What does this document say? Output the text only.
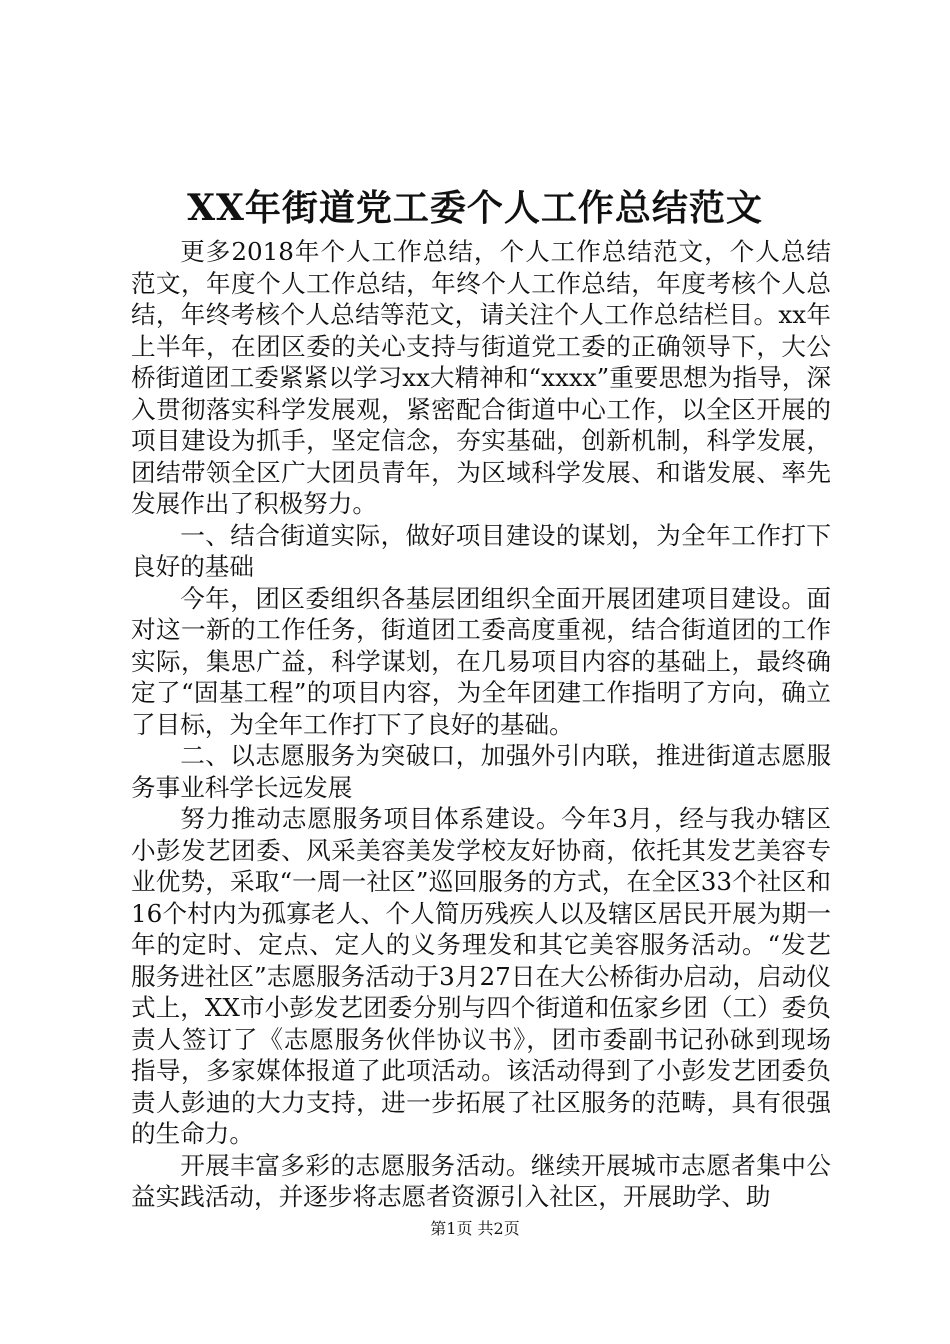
XX年街道党工委个人工作总结范文

更多2018年个人工作总结，个人工作总结范文，个人总结范文，年度个人工作总结，年终个人工作总结，年度考核个人总结，年终考核个人总结等范文，请关注个人工作总结栏目。xx年上半年，在团区委的关心支持与街道党工委的正确领导下，大公桥街道团工委紧紧以学习xx大精神和“xxxx”重要思想为指导，深入贯彻落实科学发展观，紧密配合街道中心工作，以全区开展的项目建设为抓手，坚定信念，夯实基础，创新机制，科学发展，团结带领全区广大团员青年，为区域科学发展、和谐发展、率先发展作出了积极努力。

一、结合街道实际，做好项目建设的谋划，为全年工作打下良好的基础

今年，团区委组织各基层团组织全面开展团建项目建设。面对这一新的工作任务，街道团工委高度重视，结合街道团的工作实际，集思广益，科学谋划，在几易项目内容的基础上，最终确定了“固基工程”的项目内容，为全年团建工作指明了方向，确立了目标，为全年工作打下了良好的基础。

二、以志愿服务为突破口，加强外引内联，推进街道志愿服务事业科学长远发展

努力推动志愿服务项目体系建设。今年3月，经与我办辖区小彭发艺团委、风采美容美发学校友好协商，依托其发艺美容专业优势，采取“一周一社区”巡回服务的方式，在全区33个社区和16个村内为孤寡老人、个人简历残疾人以及辖区居民开展为期一年的定时、定点、定人的义务理发和其它美容服务活动。“发艺服务进社区”志愿服务活动于3月27日在大公桥街办启动，启动仪式上，XX市小彭发艺团委分别与四个街道和伍家乡团（工）委负责人签订了《志愿服务伙伴协议书》，团市委副书记孙砯到现场指导，多家媒体报道了此项活动。该活动得到了小彭发艺团委负责人彭迪的大力支持，进一步拓展了社区服务的范畴，具有很强的生命力。

开展丰富多彩的志愿服务活动。继续开展城市志愿者集中公益实践活动，并逐步将志愿者资源引入社区，开展助学、助

第1页 共2页
